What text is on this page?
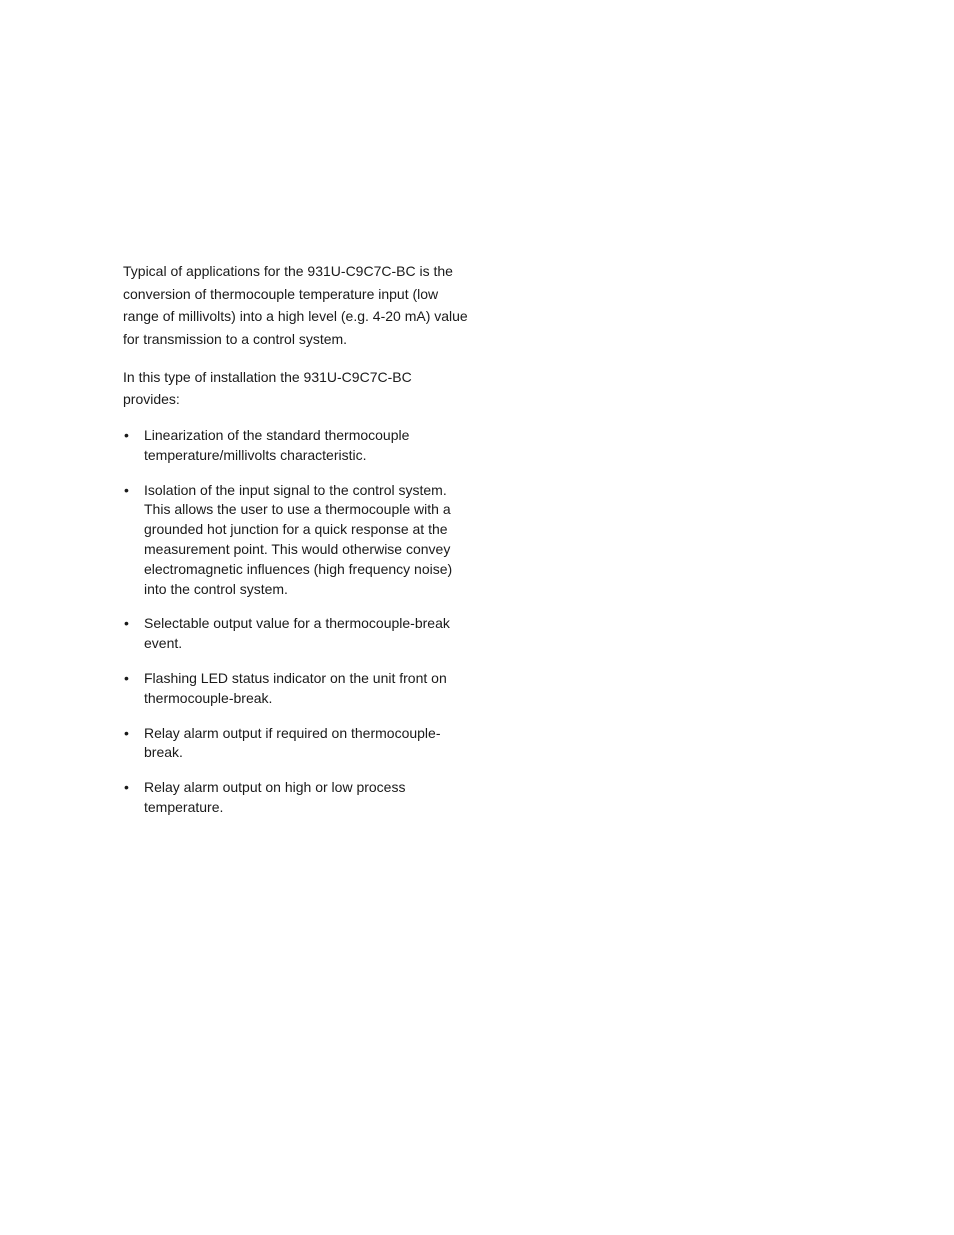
Typical of applications for the 931U-C9C7C-BC is the conversion of thermocouple temperature input (low range of millivolts) into a high level (e.g. 4-20 mA) value for transmission to a control system.

In this type of installation the 931U-C9C7C-BC provides:

• Linearization of the standard thermocouple temperature/millivolts characteristic.
• Isolation of the input signal to the control system. This allows the user to use a thermocouple with a grounded hot junction for a quick response at the measurement point. This would otherwise convey electromagnetic influences (high frequency noise) into the control system.
• Selectable output value for a thermocouple-break event.
• Flashing LED status indicator on the unit front on thermocouple-break.
• Relay alarm output if required on thermocouple-break.
• Relay alarm output on high or low process temperature.
